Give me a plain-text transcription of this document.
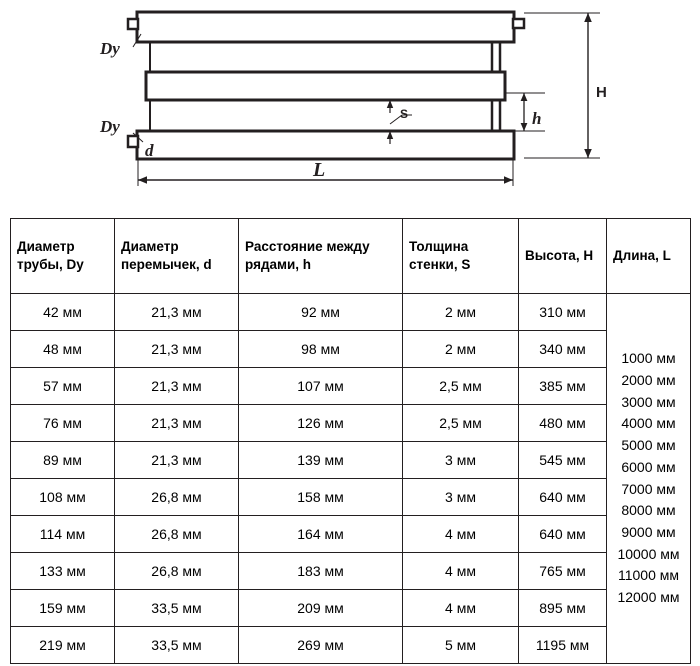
Dy
Dy
d
S	h
H
L
Диаметр трубы, Dy	Диаметр перемычек, d	Расстояние между рядами, h	Толщина стенки, S	Высота, H	Длина, L
42 мм	21,3 мм	92 мм	2 мм	310 мм	
1000 мм
2000 мм
3000 мм
4000 мм
5000 мм
6000 мм
7000 мм
8000 мм
9000 мм
10000 мм
11000 мм
12000 мм

48 мм	21,3 мм	98 мм	2 мм	340 мм	
57 мм	21,3 мм	107 мм	2,5 мм	385 мм	
76 мм	21,3 мм	126 мм	2,5 мм	480 мм	
89 мм	21,3 мм	139 мм	3 мм	545 мм	
108 мм	26,8 мм	158 мм	3 мм	640 мм	
114 мм	26,8 мм	164 мм	4 мм	640 мм	
133 мм	26,8 мм	183 мм	4 мм	765 мм	
159 мм	33,5 мм	209 мм	4 мм	895 мм	
219 мм	33,5 мм	269 мм	5 мм	1195 мм	
